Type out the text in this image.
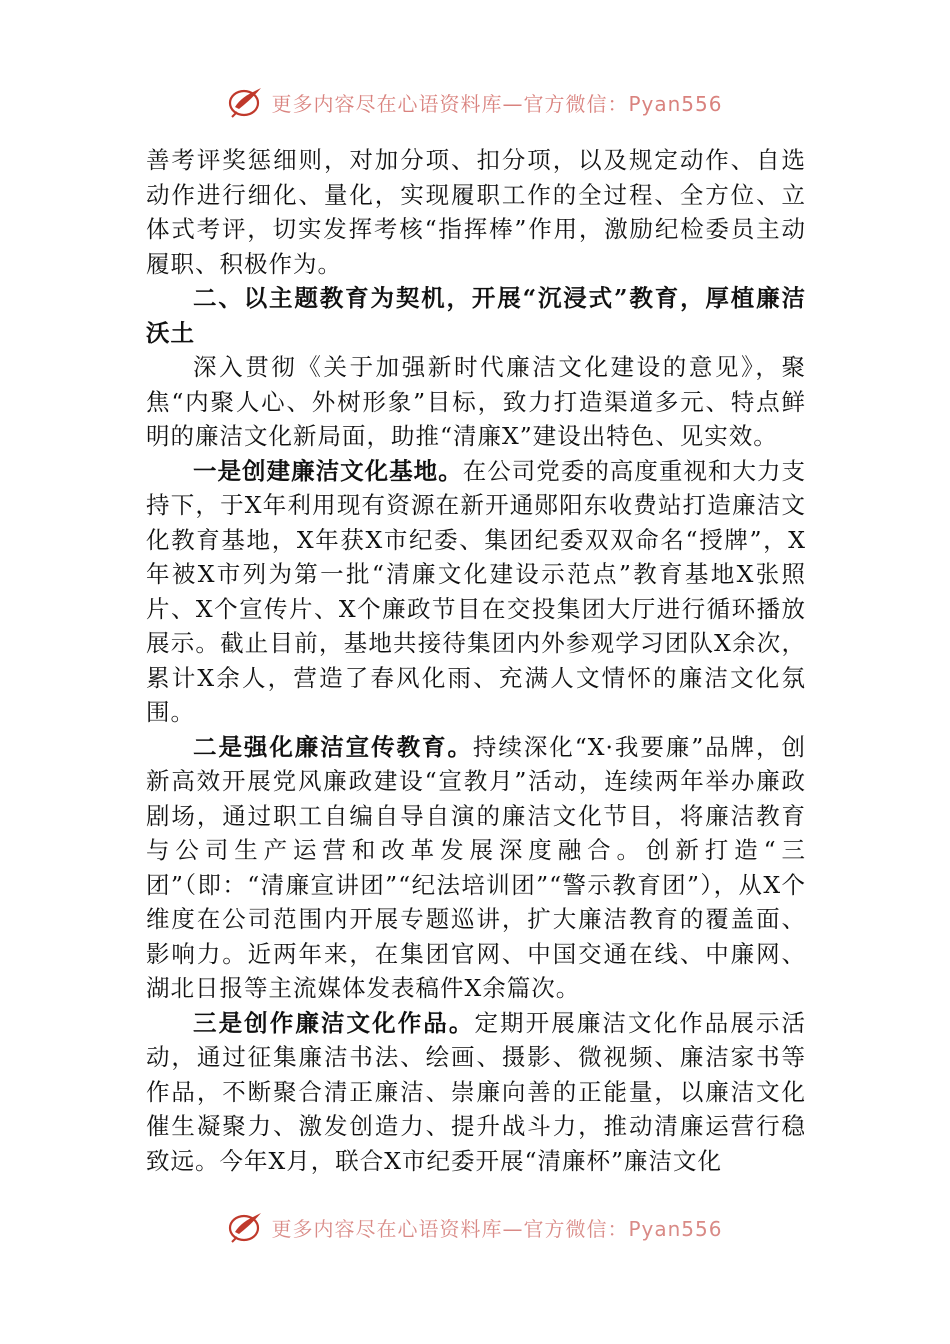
更多内容尽在心语资料库—官方微信：Pyan556

善考评奖惩细则，对加分项、扣分项，以及规定动作、自选动作进行细化、量化，实现履职工作的全过程、全方位、立体式考评，切实发挥考核“指挥棒”作用，激励纪检委员主动履职、积极作为。

二、以主题教育为契机，开展“沉浸式”教育，厚植廉洁沃土

深入贯彻《关于加强新时代廉洁文化建设的意见》，聚焦“内聚人心、外树形象”目标，致力打造渠道多元、特点鲜明的廉洁文化新局面，助推“清廉X”建设出特色、见实效。

一是创建廉洁文化基地。在公司党委的高度重视和大力支持下，于X年利用现有资源在新开通郧阳东收费站打造廉洁文化教育基地，X年获X市纪委、集团纪委双双命名“授牌”，X年被X市列为第一批“清廉文化建设示范点”教育基地X张照片、X个宣传片、X个廉政节目在交投集团大厅进行循环播放展示。截止目前，基地共接待集团内外参观学习团队X余次，累计X余人，营造了春风化雨、充满人文情怀的廉洁文化氛围。

二是强化廉洁宣传教育。持续深化“X·我要廉”品牌，创新高效开展党风廉政建设“宣教月”活动，连续两年举办廉政剧场，通过职工自编自导自演的廉洁文化节目，将廉洁教育与公司生产运营和改革发展深度融合。创新打造“三团”（即：“清廉宣讲团”“纪法培训团”“警示教育团”），从X个维度在公司范围内开展专题巡讲，扩大廉洁教育的覆盖面、影响力。近两年来，在集团官网、中国交通在线、中廉网、湖北日报等主流媒体发表稿件X余篇次。

三是创作廉洁文化作品。定期开展廉洁文化作品展示活动，通过征集廉洁书法、绘画、摄影、微视频、廉洁家书等作品，不断聚合清正廉洁、崇廉向善的正能量，以廉洁文化催生凝聚力、激发创造力、提升战斗力，推动清廉运营行稳致远。今年X月，联合X市纪委开展“清廉杯”廉洁文化

更多内容尽在心语资料库—官方微信：Pyan556
